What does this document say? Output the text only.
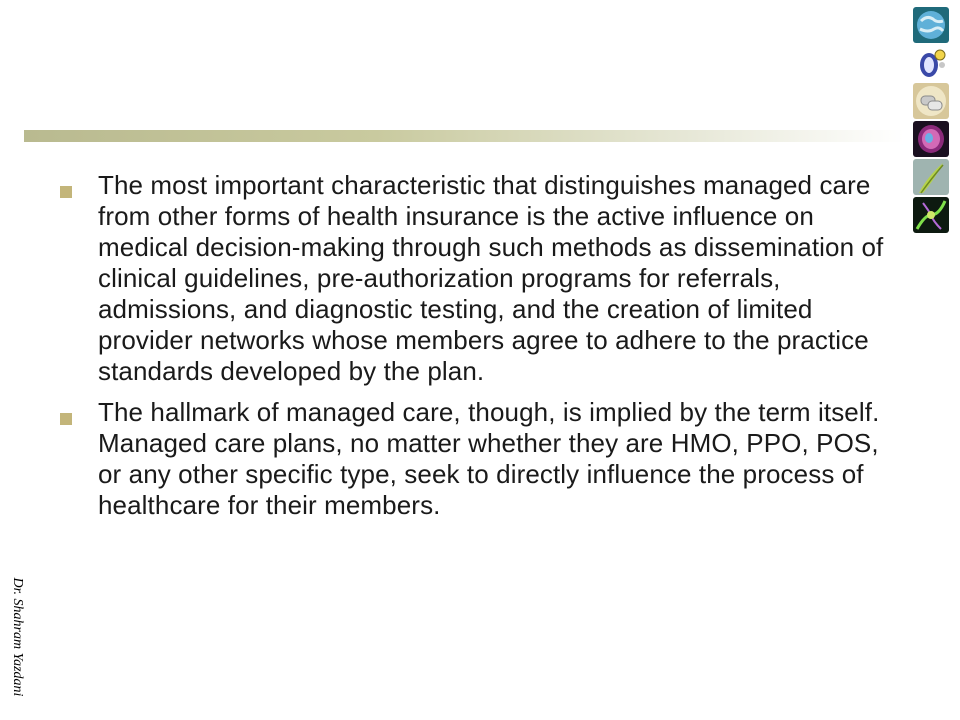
The most important characteristic that distinguishes managed care from other forms of health insurance is the active influence on medical decision-making through such methods as dissemination of clinical guidelines, pre-authorization programs for referrals, admissions, and diagnostic testing, and the creation of limited provider networks whose members agree to adhere to the practice standards developed by the plan.
The hallmark of managed care, though, is implied by the term itself. Managed care plans, no matter whether they are HMO, PPO, POS, or any other specific type, seek to directly influence the process of healthcare for their members.
Dr. Shahram Yazdani
